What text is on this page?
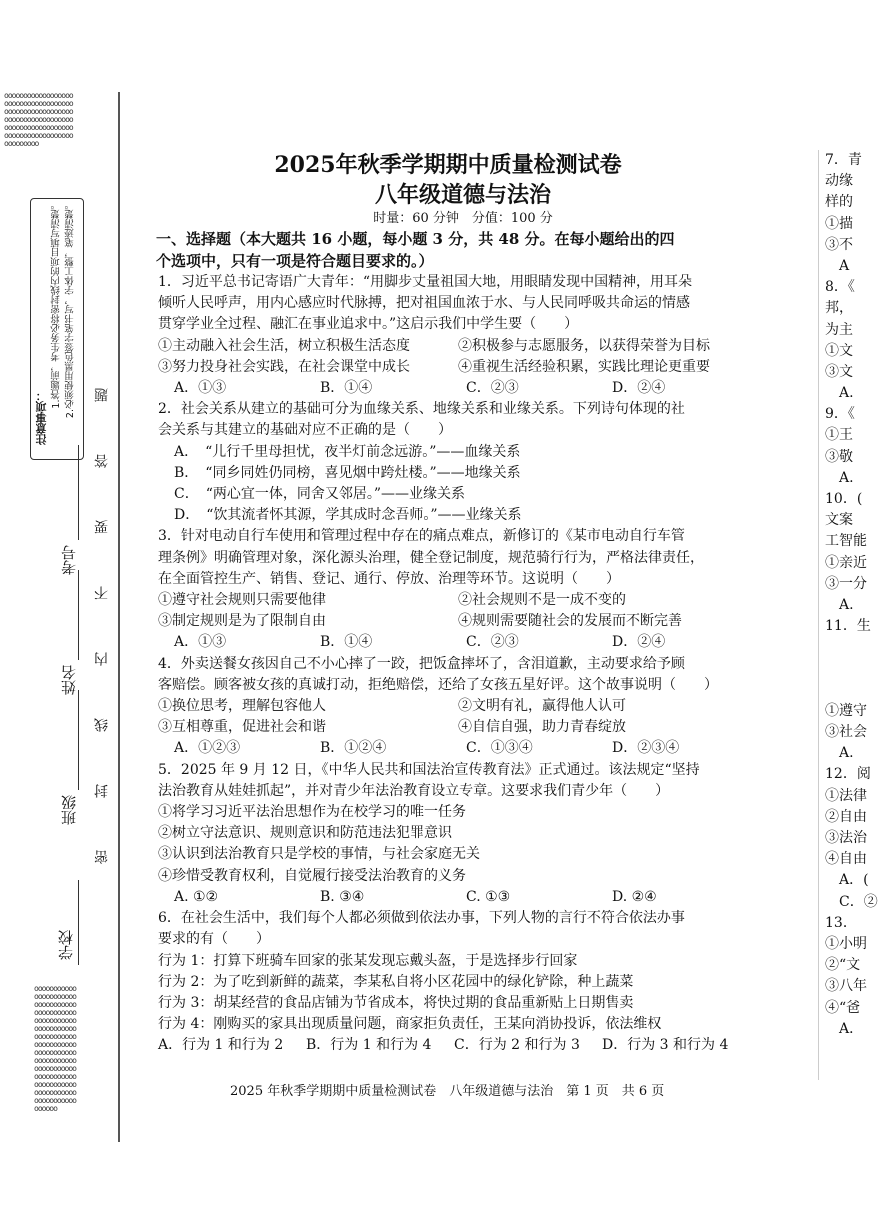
ooooooooooooooooooooooooooooooooooooooooooooooooooooooooooooooooooooooooooooooooooooooooooooooooooooooooooooooooooooo
ooooooooooooooooooooooooooooooooooooooooooooooooooooooooooooooooooooooooooooooooooooooooooooooooooooooooooooooooooooooooooooooooooooooooooooooooooooooooooooooooooooooooooo
注意事项：
1.答题前，考生务必将密封线内的项目填写清楚。 2.必须使用黑色签字笔书写，字体工整，笔迹清楚。
学校
班级
姓名
考号 密　　封　　线　　内　　不　　要　　答　　题
2025年秋季学期期中质量检测试卷
八年级道德与法治
时量：60 分钟　分值：100 分
一、选择题（本大题共 16 小题，每小题 3 分，共 48 分。在每小题给出的四
个选项中，只有一项是符合题目要求的。）
1．习近平总书记寄语广大青年：“用脚步丈量祖国大地，用眼睛发现中国精神，用耳朵
倾听人民呼声，用内心感应时代脉搏，把对祖国血浓于水、与人民同呼吸共命运的情感
贯穿学业全过程、融汇在事业追求中。”这启示我们中学生要（　　）
①主动融入社会生活，树立积极生活态度	②积极参与志愿服务，以获得荣誉为目标
③努力投身社会实践，在社会课堂中成长	④重视生活经验积累，实践比理论更重要
A．①③	B．①④	C．②③	D．②④
2．社会关系从建立的基础可分为血缘关系、地缘关系和业缘关系。下列诗句体现的社
会关系与其建立的基础对应不正确的是（　　）
A．　“儿行千里母担忧，夜半灯前念远游。”——血缘关系
B．　“同乡同姓仍同榜，喜见烟中跨灶楼。”——地缘关系
C．　“两心宜一体，同舍又邻居。”——业缘关系
D．　“饮其流者怀其源，学其成时念吾师。”——业缘关系
3．针对电动自行车使用和管理过程中存在的痛点难点，新修订的《某市电动自行车管
理条例》明确管理对象，深化源头治理，健全登记制度，规范骑行行为，严格法律责任，
在全面管控生产、销售、登记、通行、停放、治理等环节。这说明（　　）
①遵守社会规则只需要他律	②社会规则不是一成不变的
③制定规则是为了限制自由	④规则需要随社会的发展而不断完善
A．①③	B．①④	C．②③	D．②④
4．外卖送餐女孩因自己不小心摔了一跤，把饭盒摔坏了，含泪道歉，主动要求给予顾
客赔偿。顾客被女孩的真诚打动，拒绝赔偿，还给了女孩五星好评。这个故事说明（　　）
①换位思考，理解包容他人	②文明有礼，赢得他人认可
③互相尊重，促进社会和谐	④自信自强，助力青春绽放
A．①②③	B．①②④	C．①③④	D．②③④
5．2025 年 9 月 12 日，《中华人民共和国法治宣传教育法》正式通过。该法规定“坚持
法治教育从娃娃抓起”，并对青少年法治教育设立专章。这要求我们青少年（　　）
①将学习习近平法治思想作为在校学习的唯一任务
②树立守法意识、规则意识和防范违法犯罪意识
③认识到法治教育只是学校的事情，与社会家庭无关
④珍惜受教育权利，自觉履行接受法治教育的义务
A. ①②	B. ③④	C. ①③	D. ②④
6．在社会生活中，我们每个人都必须做到依法办事，下列人物的言行不符合依法办事
要求的有（　　）
行为 1：打算下班骑车回家的张某发现忘戴头盔，于是选择步行回家
行为 2：为了吃到新鲜的蔬菜，李某私自将小区花园中的绿化铲除，种上蔬菜
行为 3：胡某经营的食品店铺为节省成本，将快过期的食品重新贴上日期售卖
行为 4：刚购买的家具出现质量问题，商家拒负责任，王某向消协投诉，依法维权
A．行为 1 和行为 2	B．行为 1 和行为 4	C．行为 2 和行为 3	D．行为 3 和行为 4
2025 年秋季学期期中质量检测试卷　八年级道德与法治　第 1 页　共 6 页
7．青
动缘
样的
①描
③不
　A
8．《
邦，
为主
①文
③文
　A.
9．《
①王
③敬
　A.
10．(
文案
工智能
①亲近
③一分
　A.
11．生

①遵守
③社会
　A.
12．阅
①法律
②自由
③法治
④自由
　A．(
　C．②
13．
①小明
②“文
③八年
④“爸
　A．
